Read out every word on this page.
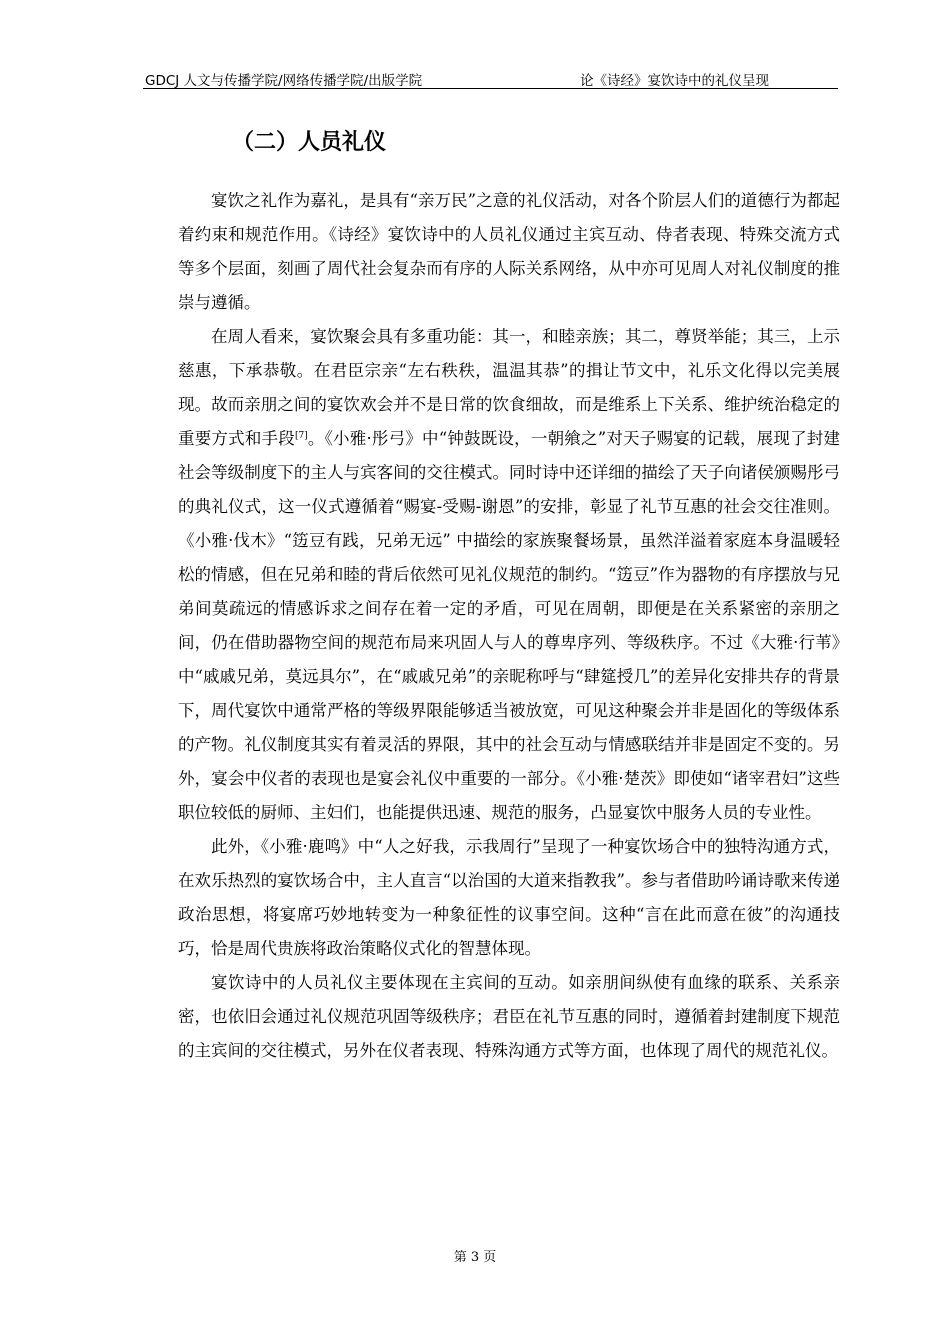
GDCJ 人文与传播学院/网络传播学院/出版学院	论《诗经》宴饮诗中的礼仪呈现
（二）人员礼仪

宴饮之礼作为嘉礼，是具有“亲万民”之意的礼仪活动，对各个阶层人们的道德行为都起着约束和规范作用。《诗经》宴饮诗中的人员礼仪通过主宾互动、侍者表现、特殊交流方式等多个层面，刻画了周代社会复杂而有序的人际关系网络，从中亦可见周人对礼仪制度的推崇与遵循。

在周人看来，宴饮聚会具有多重功能：其一，和睦亲族；其二，尊贤举能；其三，上示慈惠，下承恭敬。在君臣宗亲“左右秩秩，温温其恭”的揖让节文中，礼乐文化得以完美展现。故而亲朋之间的宴饮欢会并不是日常的饮食细故，而是维系上下关系、维护统治稳定的重要方式和手段[7]。《小雅·彤弓》中“钟鼓既设，一朝飨之”对天子赐宴的记载，展现了封建社会等级制度下的主人与宾客间的交往模式。同时诗中还详细的描绘了天子向诸侯颁赐彤弓的典礼仪式，这一仪式遵循着“赐宴-受赐-谢恩”的安排，彰显了礼节互惠的社会交往准则。《小雅·伐木》“笾豆有践，兄弟无远” 中描绘的家族聚餐场景，虽然洋溢着家庭本身温暖轻松的情感，但在兄弟和睦的背后依然可见礼仪规范的制约。“笾豆”作为器物的有序摆放与兄弟间莫疏远的情感诉求之间存在着一定的矛盾，可见在周朝，即便是在关系紧密的亲朋之间，仍在借助器物空间的规范布局来巩固人与人的尊卑序列、等级秩序。不过《大雅·行苇》中“戚戚兄弟，莫远具尔”，在“戚戚兄弟”的亲昵称呼与“肆筵授几”的差异化安排共存的背景下，周代宴饮中通常严格的等级界限能够适当被放宽，可见这种聚会并非是固化的等级体系的产物。礼仪制度其实有着灵活的界限，其中的社会互动与情感联结并非是固定不变的。另外，宴会中仪者的表现也是宴会礼仪中重要的一部分。《小雅·楚茨》即使如“诸宰君妇”这些职位较低的厨师、主妇们，也能提供迅速、规范的服务，凸显宴饮中服务人员的专业性。

此外，《小雅·鹿鸣》中“人之好我，示我周行”呈现了一种宴饮场合中的独特沟通方式，在欢乐热烈的宴饮场合中，主人直言“以治国的大道来指教我”。参与者借助吟诵诗歌来传递政治思想，将宴席巧妙地转变为一种象征性的议事空间。这种“言在此而意在彼”的沟通技巧，恰是周代贵族将政治策略仪式化的智慧体现。

宴饮诗中的人员礼仪主要体现在主宾间的互动。如亲朋间纵使有血缘的联系、关系亲密，也依旧会通过礼仪规范巩固等级秩序；君臣在礼节互惠的同时，遵循着封建制度下规范的主宾间的交往模式，另外在仪者表现、特殊沟通方式等方面，也体现了周代的规范礼仪。

第 3 页
